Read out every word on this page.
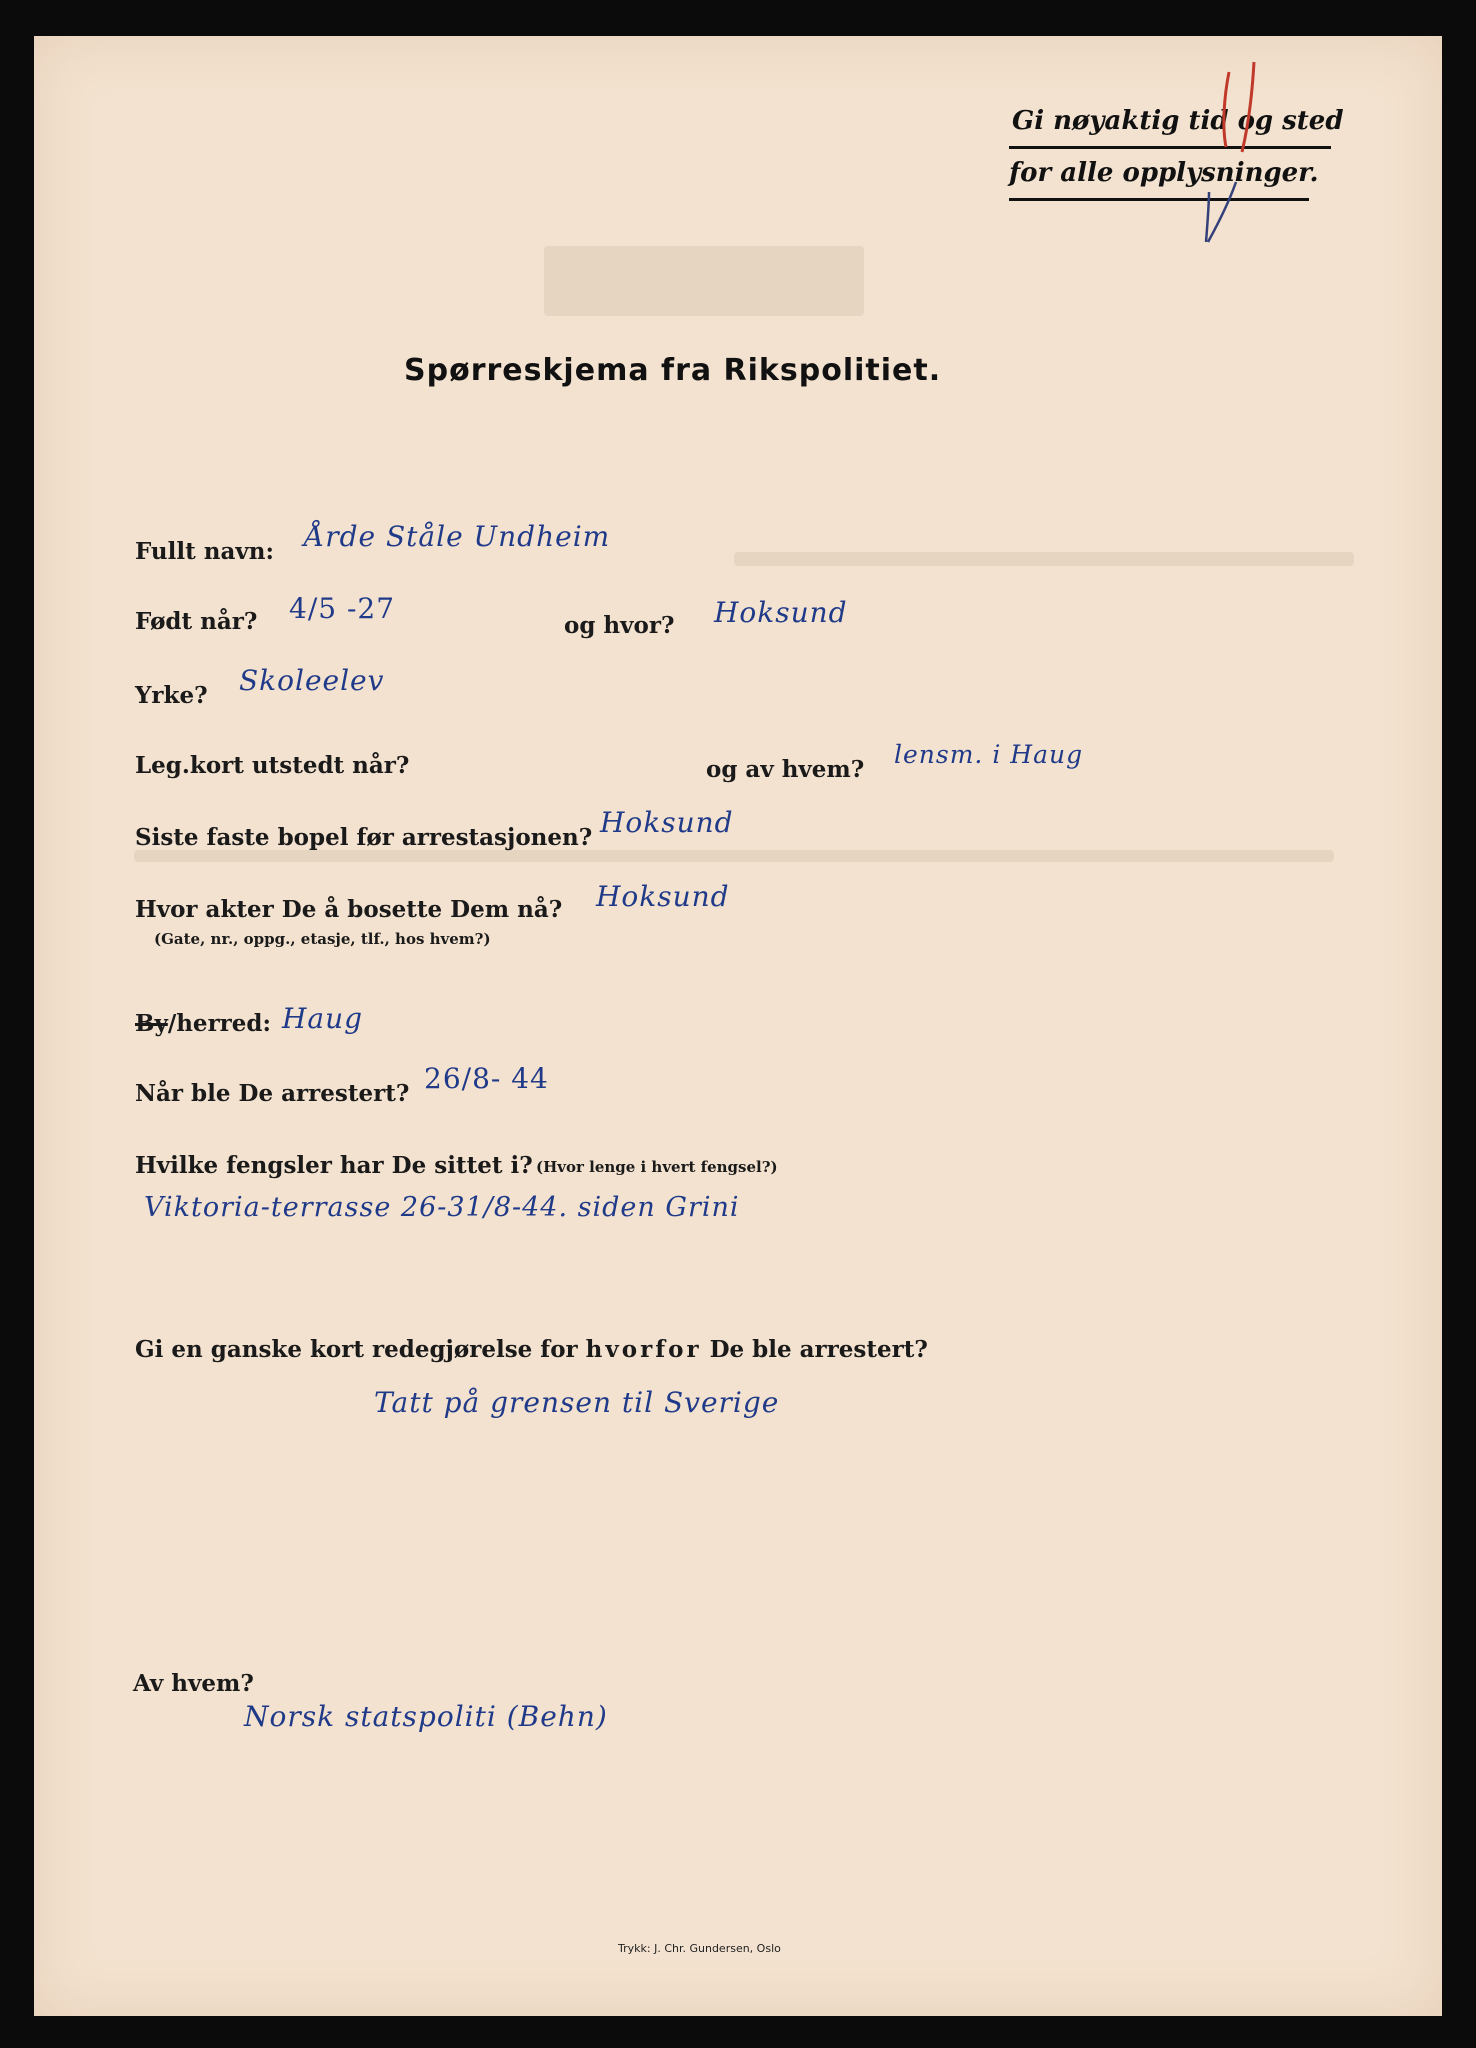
Gi nøyaktig tid og sted
for alle opplysninger.
Spørreskjema fra Rikspolitiet.
Fullt navn: Årde Ståle Undheim
Født når? 4/5 -27
og hvor? Hoksund
Yrke? Skoleelev
Leg.kort utstedt når?	og av hvem?
lensm. i Haug
Siste faste bopel før arrestasjonen? Hoksund
Hvor akter De å bosette Dem nå? Hoksund
(Gate, nr., oppg., etasje, tlf., hos hvem?)
By/herred: Haug
Når ble De arrestert? 26/8- 44
Hvilke fengsler har De sittet i? (Hvor lenge i hvert fengsel?)
Viktoria-terrasse 26-31/8-44. siden Grini
Gi en ganske kort redegjørelse for hvorfor De ble arrestert?
Tatt på grensen til Sverige
Av hvem?
Norsk statspoliti (Behn)
Trykk: J. Chr. Gundersen, Oslo
